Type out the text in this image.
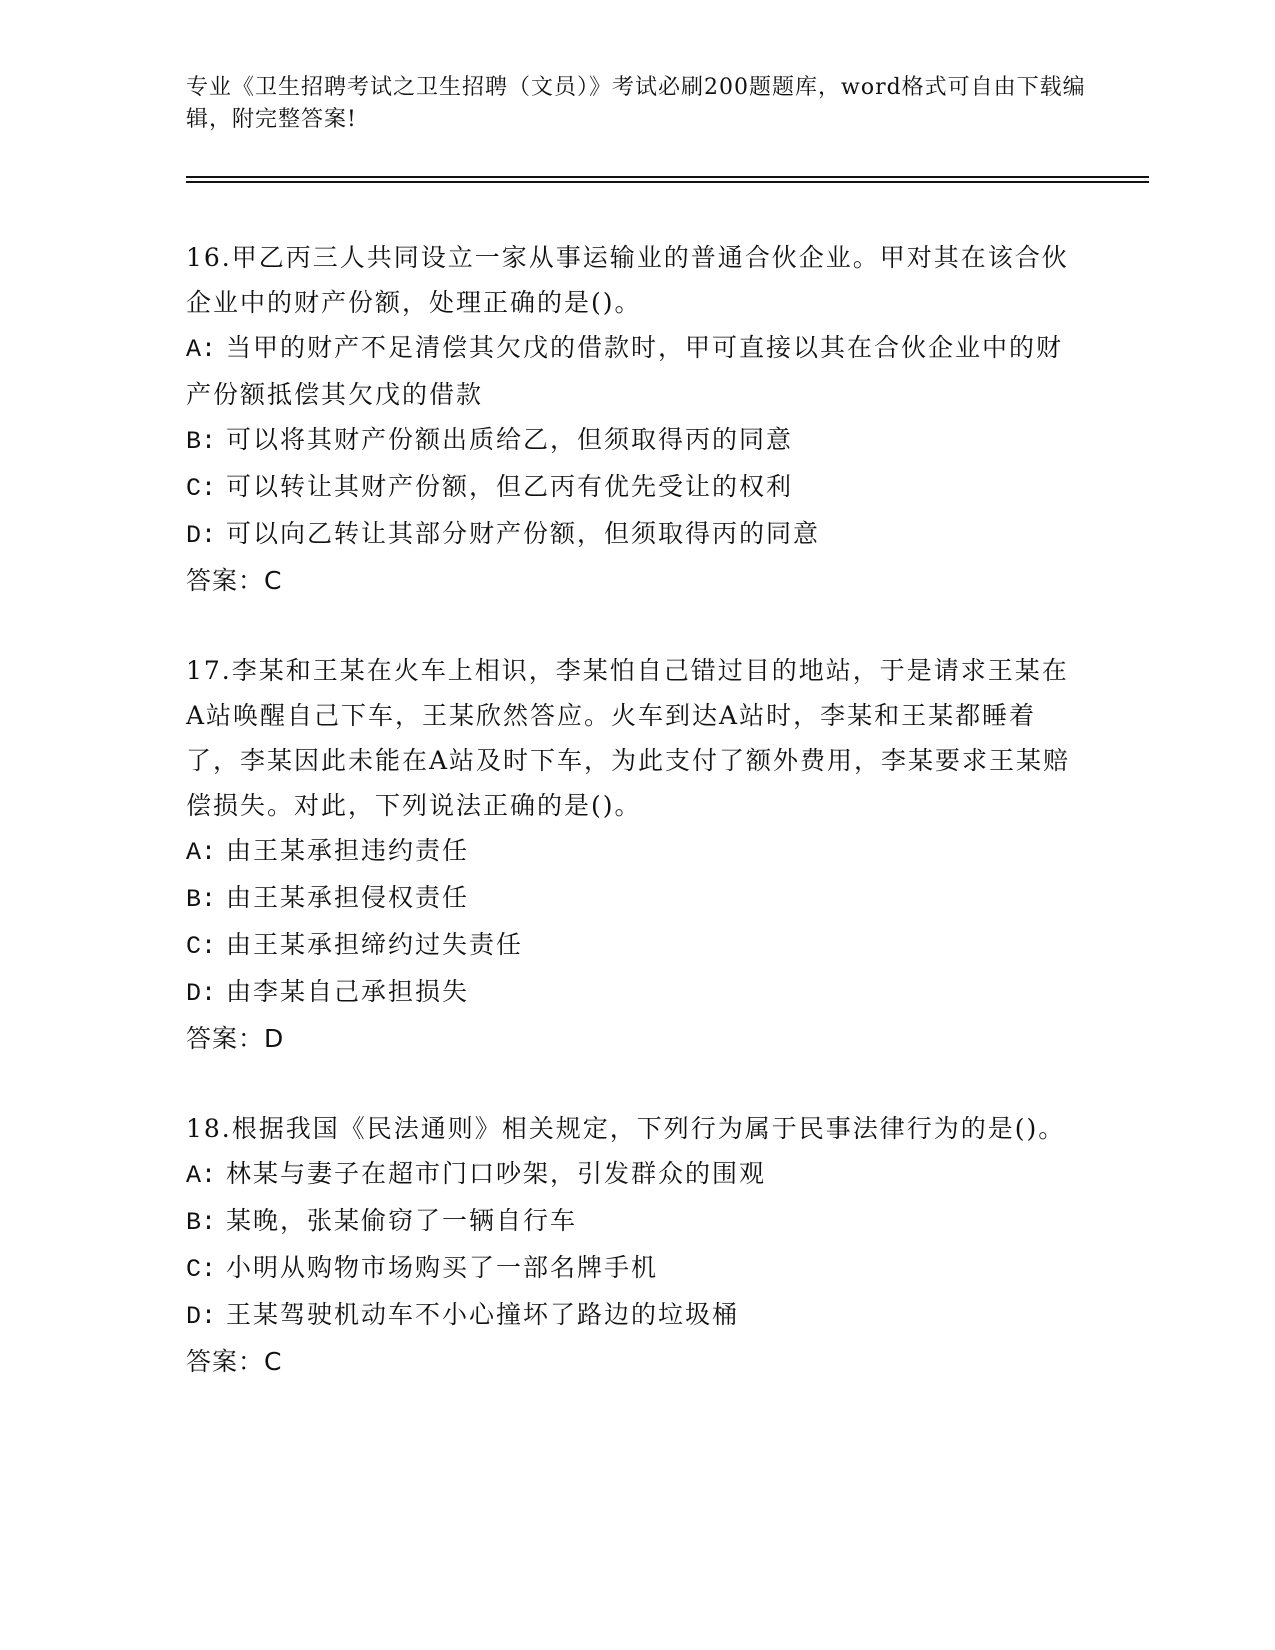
专业《卫生招聘考试之卫生招聘（文员）》考试必刷200题题库，word格式可自由下载编辑，附完整答案!

16.甲乙丙三人共同设立一家从事运输业的普通合伙企业。甲对其在该合伙企业中的财产份额，处理正确的是()。

A: 当甲的财产不足清偿其欠戊的借款时，甲可直接以其在合伙企业中的财产份额抵偿其欠戊的借款

B: 可以将其财产份额出质给乙，但须取得丙的同意

C: 可以转让其财产份额，但乙丙有优先受让的权利

D: 可以向乙转让其部分财产份额，但须取得丙的同意

答案：C

17.李某和王某在火车上相识，李某怕自己错过目的地站，于是请求王某在A站唤醒自己下车，王某欣然答应。火车到达A站时，李某和王某都睡着了，李某因此未能在A站及时下车，为此支付了额外费用，李某要求王某赔偿损失。对此，下列说法正确的是()。

A: 由王某承担违约责任

B: 由王某承担侵权责任

C: 由王某承担缔约过失责任

D: 由李某自己承担损失

答案：D

18.根据我国《民法通则》相关规定，下列行为属于民事法律行为的是()。

A: 林某与妻子在超市门口吵架，引发群众的围观

B: 某晚，张某偷窃了一辆自行车

C: 小明从购物市场购买了一部名牌手机

D: 王某驾驶机动车不小心撞坏了路边的垃圾桶

答案：C
